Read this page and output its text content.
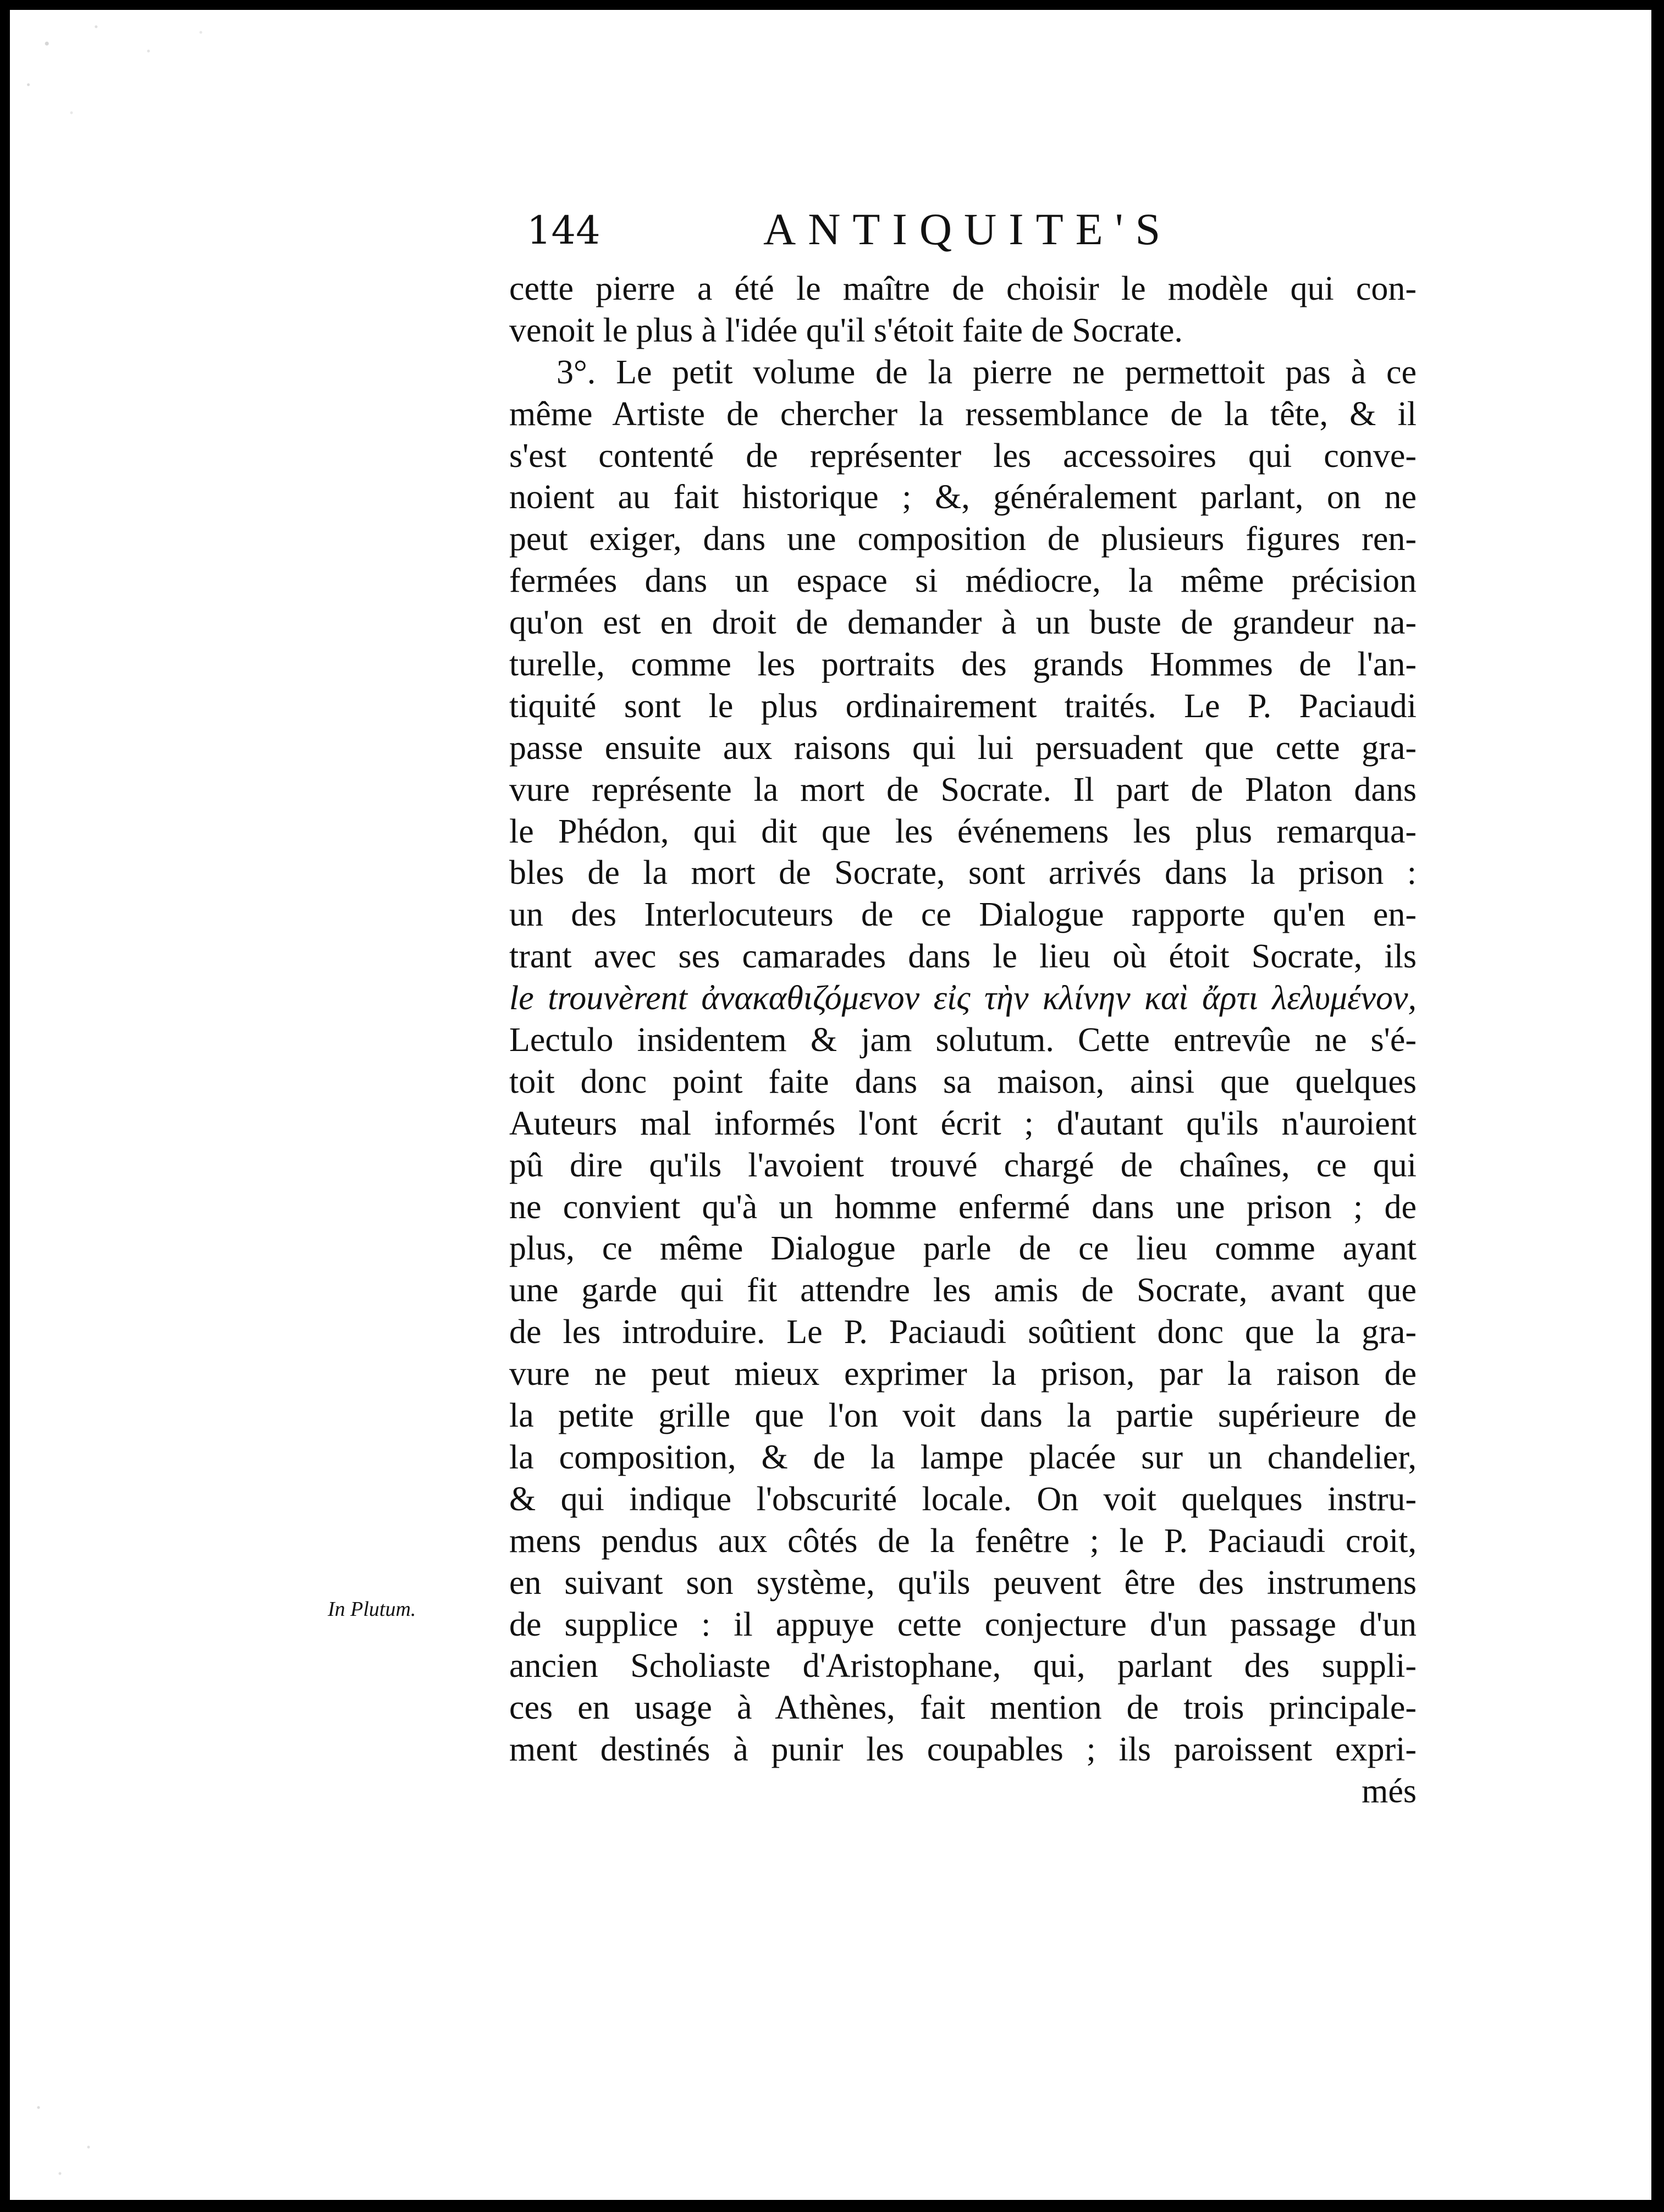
144	ANTIQUITE'S
cette pierre a été le maître de choisir le modèle qui con-
venoit le plus à l'idée qu'il s'étoit faite de Socrate.
3°. Le petit volume de la pierre ne permettoit pas à ce
même Artiste de chercher la ressemblance de la tête, & il
s'est contenté de représenter les accessoires qui conve-
noient au fait historique ; &, généralement parlant, on ne
peut exiger, dans une composition de plusieurs figures ren-
fermées dans un espace si médiocre, la même précision
qu'on est en droit de demander à un buste de grandeur na-
turelle, comme les portraits des grands Hommes de l'an-
tiquité sont le plus ordinairement traités. Le P. Paciaudi
passe ensuite aux raisons qui lui persuadent que cette gra-
vure représente la mort de Socrate. Il part de Platon dans
le Phédon, qui dit que les événemens les plus remarqua-
bles de la mort de Socrate, sont arrivés dans la prison :
un des Interlocuteurs de ce Dialogue rapporte qu'en en-
trant avec ses camarades dans le lieu où étoit Socrate, ils
le trouvèrent ἀνακαθιζόμενον εἰς τὴν κλίνην καὶ ἄρτι λελυμένον,
Lectulo insidentem & jam solutum. Cette entrevûe ne s'é-
toit donc point faite dans sa maison, ainsi que quelques
Auteurs mal informés l'ont écrit ; d'autant qu'ils n'auroient
pû dire qu'ils l'avoient trouvé chargé de chaînes, ce qui
ne convient qu'à un homme enfermé dans une prison ; de
plus, ce même Dialogue parle de ce lieu comme ayant
une garde qui fit attendre les amis de Socrate, avant que
de les introduire. Le P. Paciaudi soûtient donc que la gra-
vure ne peut mieux exprimer la prison, par la raison de
la petite grille que l'on voit dans la partie supérieure de
la composition, & de la lampe placée sur un chandelier,
& qui indique l'obscurité locale. On voit quelques instru-
mens pendus aux côtés de la fenêtre ; le P. Paciaudi croit,
en suivant son système, qu'ils peuvent être des instrumens
de supplice : il appuye cette conjecture d'un passage d'un
ancien Scholiaste d'Aristophane, qui, parlant des suppli-
ces en usage à Athènes, fait mention de trois principale-
ment destinés à punir les coupables ; ils paroissent expri-
més
In Plutum.
